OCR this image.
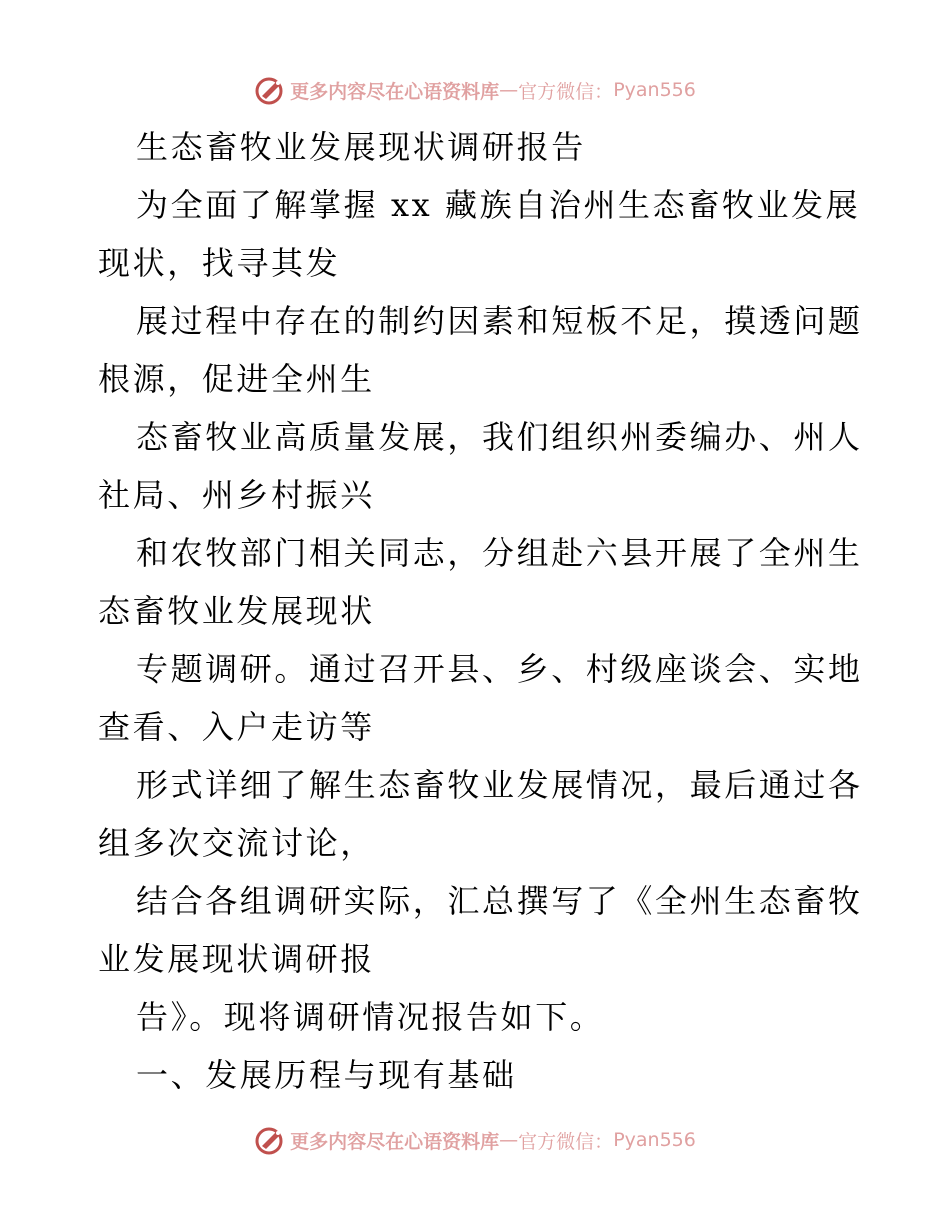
更多内容尽在心语资料库 — 官方微信： Pyan556
生态畜牧业发展现状调研报告
为全面了解掌握 xx 藏族自治州生态畜牧业发展
现状，找寻其发
展过程中存在的制约因素和短板不足，摸透问题
根源，促进全州生
态畜牧业高质量发展，我们组织州委编办、州人
社局、州乡村振兴
和农牧部门相关同志，分组赴六县开展了全州生
态畜牧业发展现状
专题调研。通过召开县、乡、村级座谈会、实地
查看、入户走访等
形式详细了解生态畜牧业发展情况，最后通过各
组多次交流讨论，
结合各组调研实际，汇总撰写了《全州生态畜牧
业发展现状调研报
告》。现将调研情况报告如下。
一、发展历程与现有基础
更多内容尽在心语资料库 — 官方微信： Pyan556
